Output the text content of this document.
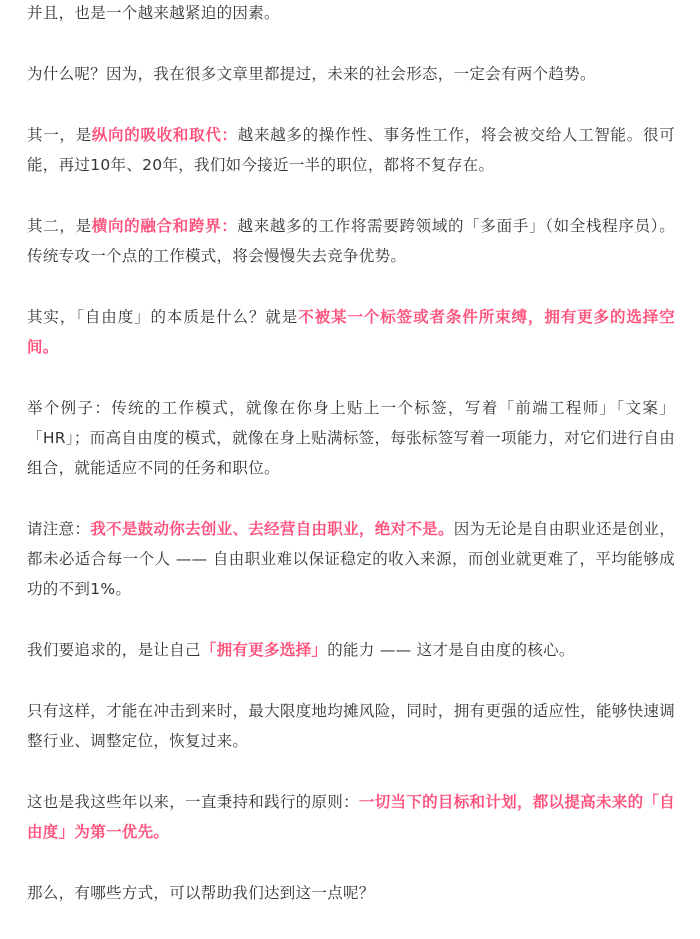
并且，也是一个越来越紧迫的因素。

为什么呢？因为，我在很多文章里都提过，未来的社会形态，一定会有两个趋势。

其一，是纵向的吸收和取代：越来越多的操作性、事务性工作，将会被交给人工智能。很可能，再过10年、20年，我们如今接近一半的职位，都将不复存在。

其二，是横向的融合和跨界：越来越多的工作将需要跨领域的「多面手」（如全栈程序员）。传统专攻一个点的工作模式，将会慢慢失去竞争优势。

其实，「自由度」的本质是什么？就是不被某一个标签或者条件所束缚，拥有更多的选择空间。

举个例子：传统的工作模式，就像在你身上贴上一个标签，写着「前端工程师」「文案」「HR」；而高自由度的模式，就像在身上贴满标签，每张标签写着一项能力，对它们进行自由组合，就能适应不同的任务和职位。

请注意：我不是鼓动你去创业、去经营自由职业，绝对不是。因为无论是自由职业还是创业，都未必适合每一个人 —— 自由职业难以保证稳定的收入来源，而创业就更难了，平均能够成功的不到1%。

我们要追求的，是让自己「拥有更多选择」的能力 —— 这才是自由度的核心。

只有这样，才能在冲击到来时，最大限度地均摊风险，同时，拥有更强的适应性，能够快速调整行业、调整定位，恢复过来。

这也是我这些年以来，一直秉持和践行的原则：一切当下的目标和计划，都以提高未来的「自由度」为第一优先。

那么，有哪些方式，可以帮助我们达到这一点呢？
